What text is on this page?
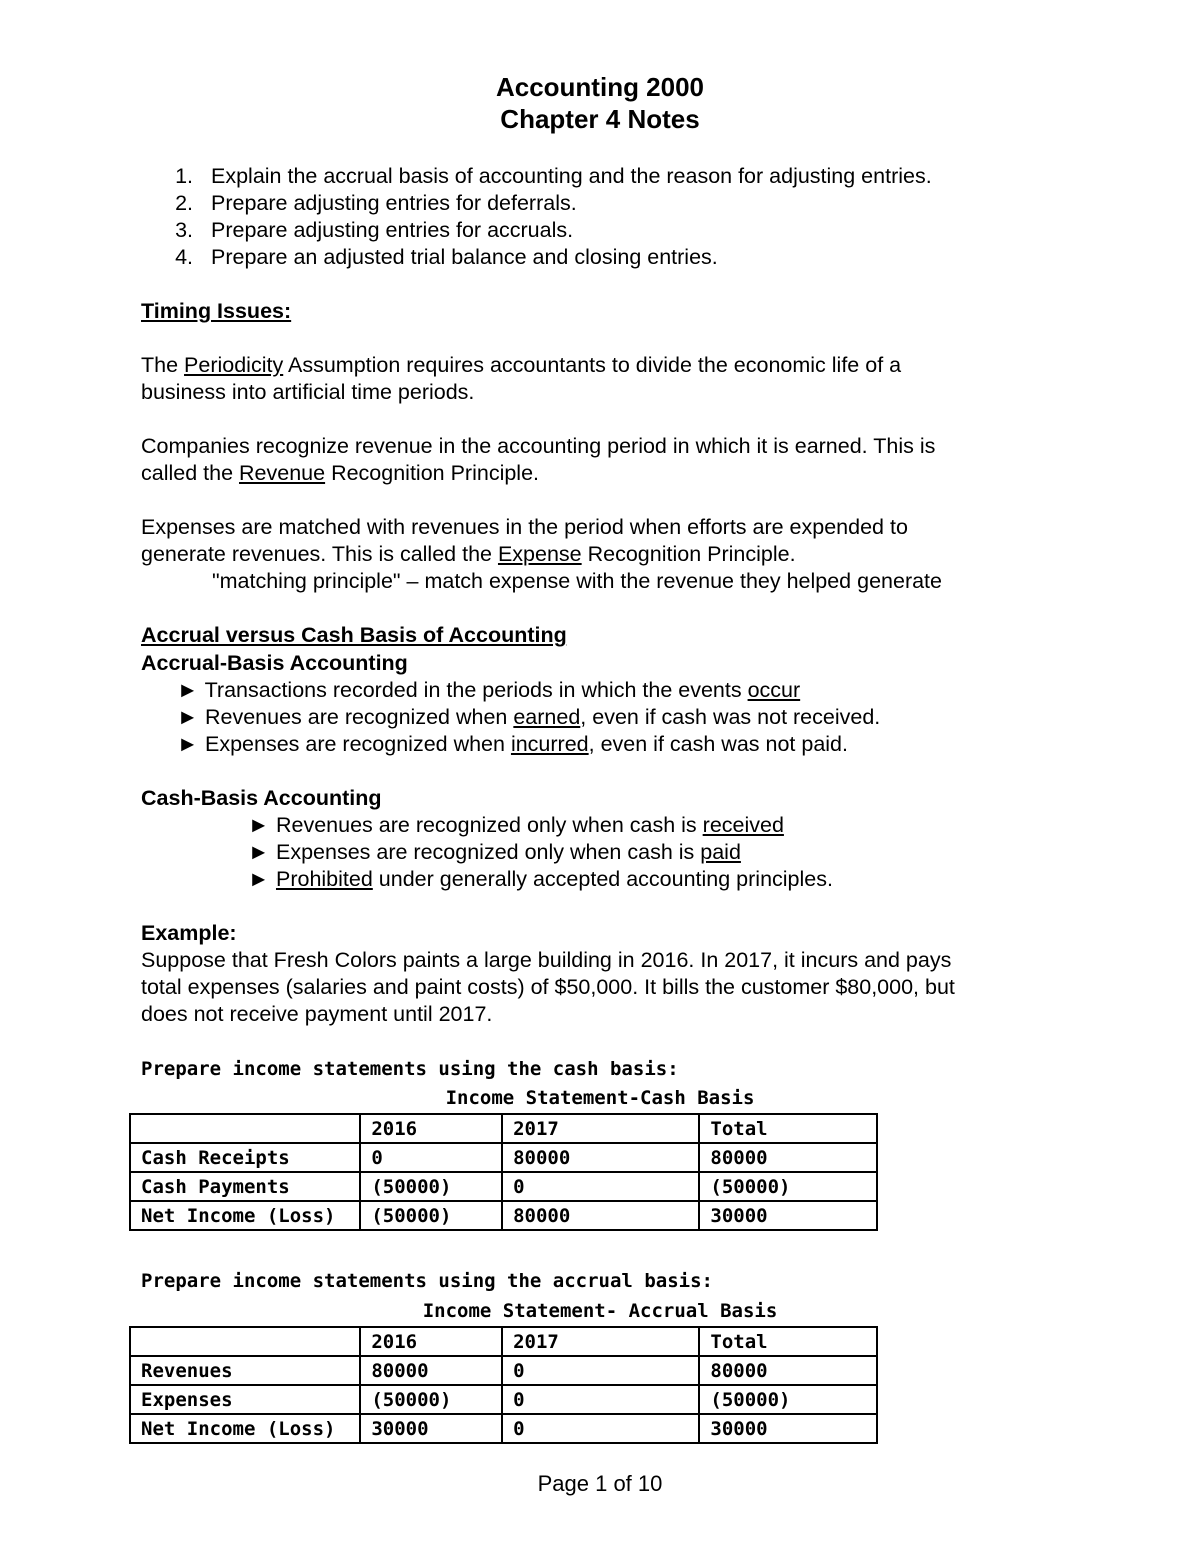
Accounting 2000
Chapter 4 Notes
1. Explain the accrual basis of accounting and the reason for adjusting entries.
2. Prepare adjusting entries for deferrals.
3. Prepare adjusting entries for accruals.
4. Prepare an adjusted trial balance and closing entries.
Timing Issues:
The Periodicity Assumption requires accountants to divide the economic life of a
business into artificial time periods.
Companies recognize revenue in the accounting period in which it is earned. This is
called the Revenue Recognition Principle.
Expenses are matched with revenues in the period when efforts are expended to
generate revenues. This is called the Expense Recognition Principle.
"matching principle" – match expense with the revenue they helped generate
Accrual versus Cash Basis of Accounting
Accrual-Basis Accounting
► Transactions recorded in the periods in which the events occur
► Revenues are recognized when earned, even if cash was not received.
► Expenses are recognized when incurred, even if cash was not paid.
Cash-Basis Accounting
► Revenues are recognized only when cash is received
► Expenses are recognized only when cash is paid
► Prohibited under generally accepted accounting principles.
Example:
Suppose that Fresh Colors paints a large building in 2016. In 2017, it incurs and pays
total expenses (salaries and paint costs) of $50,000. It bills the customer $80,000, but
does not receive payment until 2017.
Prepare income statements using the cash basis:
Income Statement-Cash Basis
	2016	2017	Total
Cash Receipts	0	80000	80000
Cash Payments	(50000)	0	(50000)
Net Income (Loss)	(50000)	80000	30000
Prepare income statements using the accrual basis:
Income Statement- Accrual Basis
	2016	2017	Total
Revenues	80000	0	80000
Expenses	(50000)	0	(50000)
Net Income (Loss)	30000	0	30000
Page 1 of 10
